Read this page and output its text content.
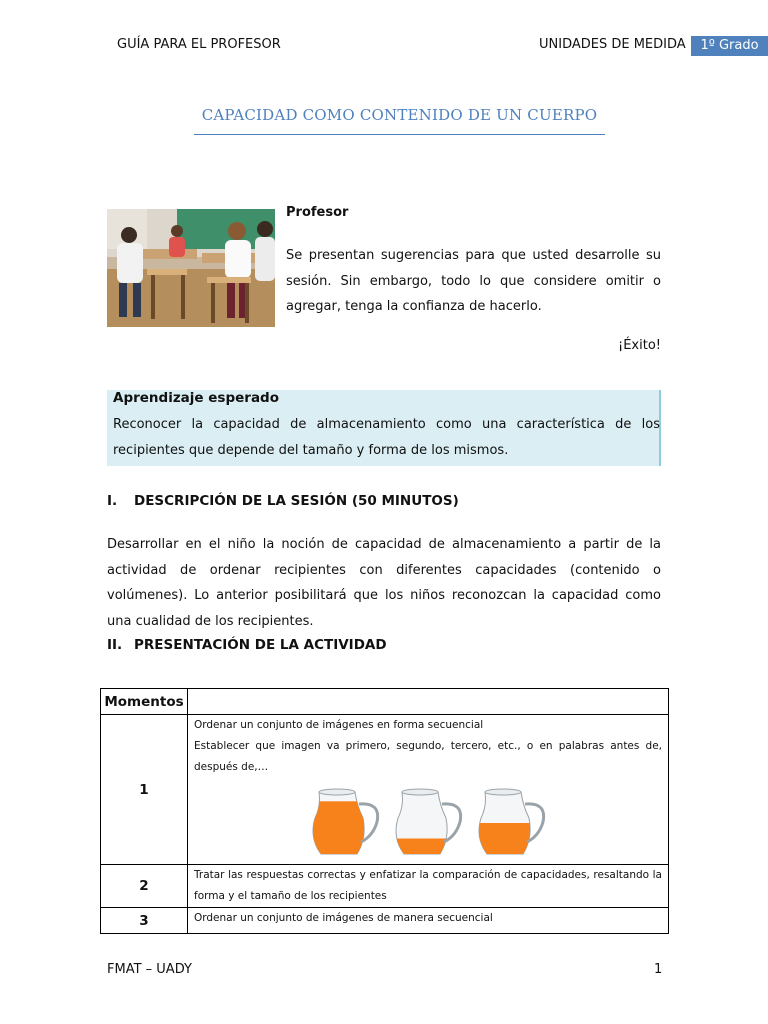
GUÍA PARA EL PROFESOR	UNIDADES DE MEDIDA	1º Grado
CAPACIDAD COMO CONTENIDO DE UN CUERPO
Profesor
Se presentan sugerencias para que usted desarrolle su sesión. Sin embargo, todo lo que considere omitir o agregar, tenga la confianza de hacerlo.
¡Éxito!
Aprendizaje esperado
Reconocer la capacidad de almacenamiento como una característica de los recipientes que depende del tamaño y forma de los mismos.
I. DESCRIPCIÓN DE LA SESIÓN (50 MINUTOS)
Desarrollar en el niño la noción de capacidad de almacenamiento a partir de la actividad de ordenar recipientes con diferentes capacidades (contenido o volúmenes). Lo anterior posibilitará que los niños reconozcan la capacidad como una cualidad de los recipientes.
II. PRESENTACIÓN DE LA ACTIVIDAD
Momentos	
1	Ordenar un conjunto de imágenes en forma secuencial
Establecer que imagen va primero, segundo, tercero, etc., o en palabras antes de, después de,…

2	Tratar las respuestas correctas y enfatizar la comparación de capacidades, resaltando la forma y el tamaño de los recipientes
3	Ordenar un conjunto de imágenes de manera secuencial
FMAT – UADY	1
